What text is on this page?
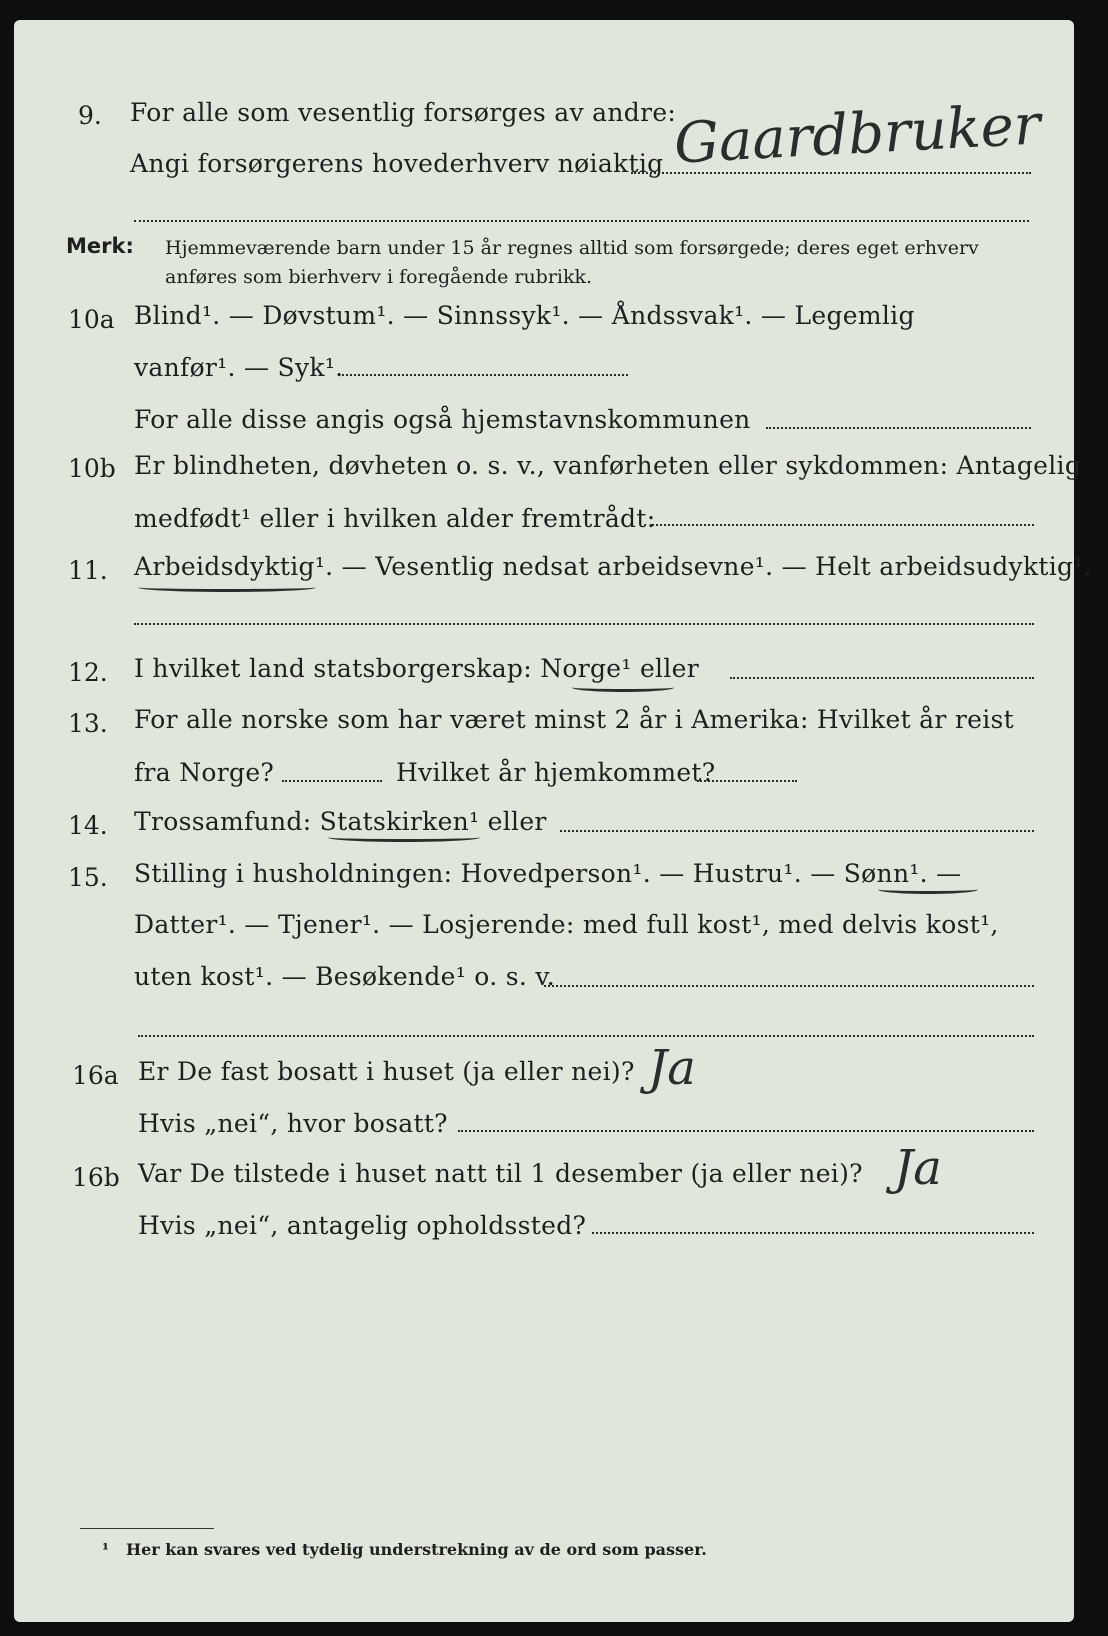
9. For alle som vesentlig forsørges av andre:
Angi forsørgerens hovederhverv nøiaktig Gaardbruker
Merk: Hjemmeværende barn under 15 år regnes alltid som forsørgede; deres eget erhverv
anføres som bierhverv i foregående rubrikk.
10a Blind¹. — Døvstum¹. — Sinnssyk¹. — Åndssvak¹. — Legemlig
vanfør¹. — Syk¹.
For alle disse angis også hjemstavnskommunen
10b Er blindheten, døvheten o. s. v., vanførheten eller sykdommen: Antagelig
medfødt¹ eller i hvilken alder fremtrådt:
11. Arbeidsdyktig¹. — Vesentlig nedsat arbeidsevne¹. — Helt arbeidsudyktig¹.
12. I hvilket land statsborgerskap: Norge¹ eller
13. For alle norske som har været minst 2 år i Amerika: Hvilket år reist
fra Norge?	Hvilket år hjemkommet?
14. Trossamfund: Statskirken¹ eller
15. Stilling i husholdningen: Hovedperson¹. — Hustru¹. — Sønn¹. —
Datter¹. — Tjener¹. — Losjerende: med full kost¹, med delvis kost¹,
uten kost¹. — Besøkende¹ o. s. v.
16a Er De fast bosatt i huset (ja eller nei)? Ja
Hvis „nei“, hvor bosatt?
16b Var De tilstede i huset natt til 1 desember (ja eller nei)? Ja
Hvis „nei“, antagelig opholdssted?
¹ Her kan svares ved tydelig understrekning av de ord som passer.
